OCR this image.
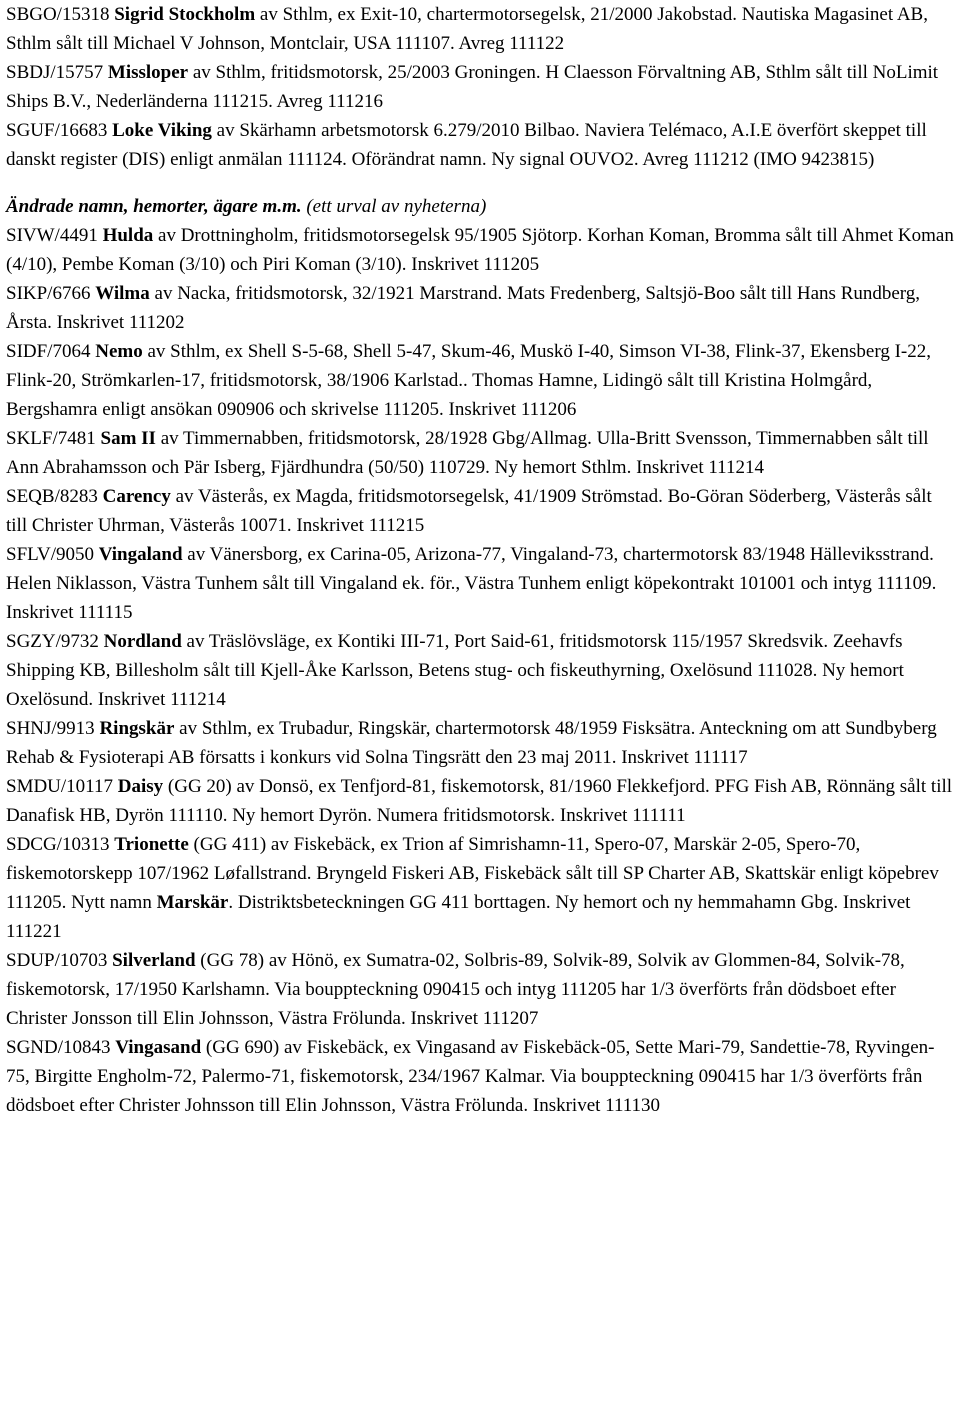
SBGO/15318 Sigrid Stockholm av Sthlm, ex Exit-10, chartermotorsegelsk, 21/2000 Jakobstad. Nautiska Magasinet AB, Sthlm sålt till Michael V Johnson, Montclair, USA 111107. Avreg 111122

SBDJ/15757 Missloper av Sthlm, fritidsmotorsk, 25/2003 Groningen. H Claesson Förvaltning AB, Sthlm sålt till NoLimit Ships B.V., Nederländerna 111215. Avreg 111216

SGUF/16683 Loke Viking av Skärhamn arbetsmotorsk 6.279/2010 Bilbao. Naviera Telémaco, A.I.E överfört skeppet till danskt register (DIS) enligt anmälan 111124. Oförändrat namn. Ny signal OUVO2. Avreg 111212 (IMO 9423815)

Ändrade namn, hemorter, ägare m.m. (ett urval av nyheterna)

SIVW/4491 Hulda av Drottningholm, fritidsmotorsegelsk 95/1905 Sjötorp. Korhan Koman, Bromma sålt till Ahmet Koman (4/10), Pembe Koman (3/10) och Piri Koman (3/10). Inskrivet 111205

SIKP/6766 Wilma av Nacka, fritidsmotorsk, 32/1921 Marstrand. Mats Fredenberg, Saltsjö-Boo sålt till Hans Rundberg, Årsta. Inskrivet 111202

SIDF/7064 Nemo av Sthlm, ex Shell S-5-68, Shell 5-47, Skum-46, Muskö I-40, Simson VI-38, Flink-37, Ekensberg I-22, Flink-20, Strömkarlen-17, fritidsmotorsk, 38/1906 Karlstad.. Thomas Hamne, Lidingö sålt till Kristina Holmgård, Bergshamra enligt ansökan 090906 och skrivelse 111205. Inskrivet 111206

SKLF/7481 Sam II av Timmernabben, fritidsmotorsk, 28/1928 Gbg/Allmag. Ulla-Britt Svensson, Timmernabben sålt till Ann Abrahamsson och Pär Isberg, Fjärdhundra (50/50) 110729. Ny hemort Sthlm. Inskrivet 111214

SEQB/8283 Carency av Västerås, ex Magda, fritidsmotorsegelsk, 41/1909 Strömstad. Bo-Göran Söderberg, Västerås sålt till Christer Uhrman, Västerås 10071. Inskrivet 111215

SFLV/9050 Vingaland av Vänersborg, ex Carina-05, Arizona-77, Vingaland-73, chartermotorsk 83/1948 Hälleviksstrand. Helen Niklasson, Västra Tunhem sålt till Vingaland ek. för., Västra Tunhem enligt köpekontrakt 101001 och intyg 111109. Inskrivet 111115

SGZY/9732 Nordland av Träslövsläge, ex Kontiki III-71, Port Said-61, fritidsmotorsk 115/1957 Skredsvik. Zeehavfs Shipping KB, Billesholm sålt till Kjell-Åke Karlsson, Betens stug- och fiskeuthyrning, Oxelösund 111028. Ny hemort Oxelösund. Inskrivet 111214

SHNJ/9913 Ringskär av Sthlm, ex Trubadur, Ringskär, chartermotorsk 48/1959 Fisksätra. Anteckning om att Sundbyberg Rehab & Fysioterapi AB försatts i konkurs vid Solna Tingsrätt den 23 maj 2011. Inskrivet 111117

SMDU/10117 Daisy (GG 20) av Donsö, ex Tenfjord-81, fiskemotorsk, 81/1960 Flekkefjord. PFG Fish AB, Rönnäng sålt till Danafisk HB, Dyrön 111110. Ny hemort Dyrön. Numera fritidsmotorsk. Inskrivet 111111

SDCG/10313 Trionette (GG 411) av Fiskebäck, ex Trion af Simrishamn-11, Spero-07, Marskär 2-05, Spero-70, fiskemotorskepp 107/1962 Løfallstrand. Bryngeld Fiskeri AB, Fiskebäck sålt till SP Charter AB, Skattskär enligt köpebrev 111205. Nytt namn Marskär. Distriktsbeteckningen GG 411 borttagen. Ny hemort och ny hemmahamn Gbg. Inskrivet 111221

SDUP/10703 Silverland (GG 78) av Hönö, ex Sumatra-02, Solbris-89, Solvik-89, Solvik av Glommen-84, Solvik-78, fiskemotorsk, 17/1950 Karlshamn. Via bouppteckning 090415 och intyg 111205 har 1/3 överförts från dödsboet efter Christer Jonsson till Elin Johnsson, Västra Frölunda. Inskrivet 111207

SGND/10843 Vingasand (GG 690) av Fiskebäck, ex Vingasand av Fiskebäck-05, Sette Mari-79, Sandettie-78, Ryvingen-75, Birgitte Engholm-72, Palermo-71, fiskemotorsk, 234/1967 Kalmar. Via bouppteckning 090415 har 1/3 överförts från dödsboet efter Christer Johnsson till Elin Johnsson, Västra Frölunda. Inskrivet 111130
